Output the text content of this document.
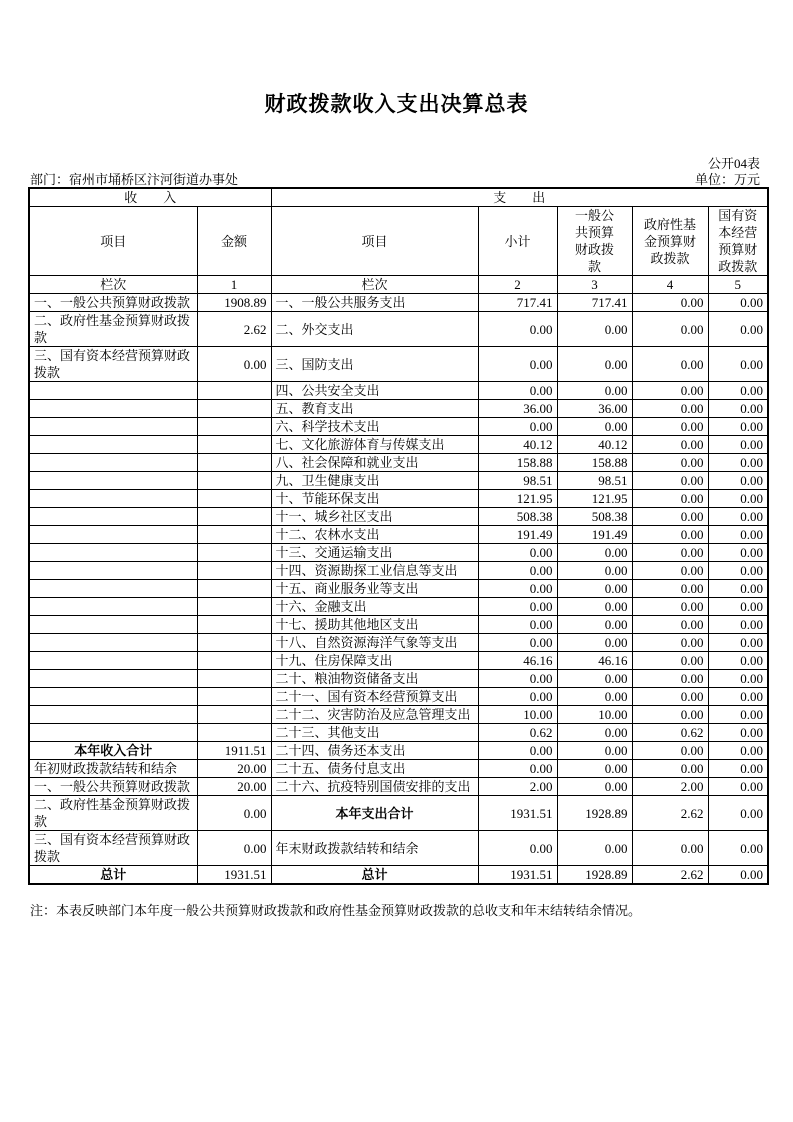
财政拨款收入支出决算总表
公开04表
部门：宿州市埇桥区汴河街道办事处	单位：万元
收　　入		支　　出				
项目	金额	项目	小计	一般公共预算财政拨款	政府性基金预算财政拨款	国有资本经营预算财政拨款
栏次	1	栏次	2	3	4	5
一、一般公共预算财政拨款	1908.89	一、一般公共服务支出	717.41	717.41	0.00	0.00
二、政府性基金预算财政拨款	2.62	二、外交支出	0.00	0.00	0.00	0.00
三、国有资本经营预算财政拨款	0.00	三、国防支出	0.00	0.00	0.00	0.00
		四、公共安全支出	0.00	0.00	0.00	0.00
		五、教育支出	36.00	36.00	0.00	0.00
		六、科学技术支出	0.00	0.00	0.00	0.00
		七、文化旅游体育与传媒支出	40.12	40.12	0.00	0.00
		八、社会保障和就业支出	158.88	158.88	0.00	0.00
		九、卫生健康支出	98.51	98.51	0.00	0.00
		十、节能环保支出	121.95	121.95	0.00	0.00
		十一、城乡社区支出	508.38	508.38	0.00	0.00
		十二、农林水支出	191.49	191.49	0.00	0.00
		十三、交通运输支出	0.00	0.00	0.00	0.00
		十四、资源勘探工业信息等支出	0.00	0.00	0.00	0.00
		十五、商业服务业等支出	0.00	0.00	0.00	0.00
		十六、金融支出	0.00	0.00	0.00	0.00
		十七、援助其他地区支出	0.00	0.00	0.00	0.00
		十八、自然资源海洋气象等支出	0.00	0.00	0.00	0.00
		十九、住房保障支出	46.16	46.16	0.00	0.00
		二十、粮油物资储备支出	0.00	0.00	0.00	0.00
		二十一、国有资本经营预算支出	0.00	0.00	0.00	0.00
		二十二、灾害防治及应急管理支出	10.00	10.00	0.00	0.00
		二十三、其他支出	0.62	0.00	0.62	0.00
本年收入合计	1911.51	二十四、债务还本支出	0.00	0.00	0.00	0.00
年初财政拨款结转和结余	20.00	二十五、债务付息支出	0.00	0.00	0.00	0.00
一、一般公共预算财政拨款	20.00	二十六、抗疫特别国债安排的支出	2.00	0.00	2.00	0.00
二、政府性基金预算财政拨款	0.00	本年支出合计	1931.51	1928.89	2.62	0.00
三、国有资本经营预算财政拨款	0.00	年末财政拨款结转和结余	0.00	0.00	0.00	0.00
总计	1931.51	总计	1931.51	1928.89	2.62	0.00
注：本表反映部门本年度一般公共预算财政拨款和政府性基金预算财政拨款的总收支和年末结转结余情况。
